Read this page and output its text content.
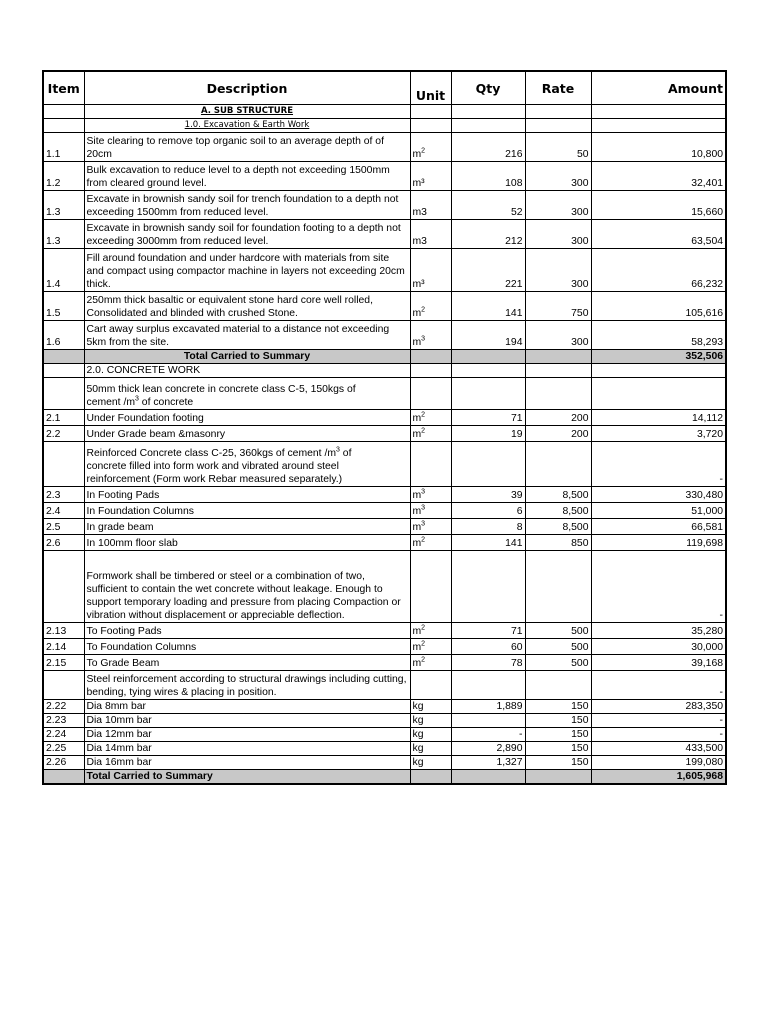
Item	Description	Unit	Qty	Rate	Amount
	A. SUB STRUCTURE				
	1.0. Excavation & Earth Work				
1.1	Site clearing to remove top organic soil to an average depth of of 20cm	$m^2$	216	50	10,800
1.2	Bulk excavation to reduce level to a depth not exceeding 1500mm from cleared ground level.	m³	108	300	32,401
1.3	Excavate in brownish sandy soil for trench foundation to a depth not exceeding 1500mm from reduced level.	m3	52	300	15,660
1.3	Excavate in brownish sandy soil for foundation footing to a depth not exceeding 3000mm from reduced level.	m3	212	300	63,504
1.4	Fill around foundation and under hardcore with materials from site and compact using compactor machine in layers not exceeding 20cm thick.	m³	221	300	66,232
1.5	250mm thick basaltic or equivalent stone hard core well rolled, Consolidated and blinded with crushed Stone.	$m^2$	141	750	105,616
1.6	Cart away surplus excavated material to a distance not exceeding 5km from the site.	$m^3$	194	300	58,293
	Total Carried to Summary				352,506
	2.0. CONCRETE WORK				
	50mm thick lean concrete in concrete class C-5, 150kgs of
cement $/m^3$ of concrete				
2.1	Under Foundation footing	$m^2$	71	200	14,112
2.2	Under Grade beam &masonry	$m^2$	19	200	3,720
	Reinforced Concrete class C-25, 360kgs of cement $/m^3$ of
concrete filled into form work and vibrated around steel
reinforcement (Form work Rebar measured separately.)				-
2.3	In Footing Pads	$m^3$	39	8,500	330,480
2.4	In Foundation Columns	$m^3$	6	8,500	51,000
2.5	In grade beam	$m^3$	8	8,500	66,581
2.6	In 100mm floor slab	$m^2$	141	850	119,698
	Formwork shall be timbered or steel or a combination of two, sufficient to contain the wet concrete without leakage. Enough to support temporary loading and pressure from placing Compaction or vibration without displacement or appreciable deflection.				-
2.13	To Footing Pads	$m^2$	71	500	35,280
2.14	To Foundation Columns	$m^2$	60	500	30,000
2.15	To Grade Beam	$m^2$	78	500	39,168
	Steel reinforcement according to structural drawings including cutting, bending, tying wires & placing in position.				-
2.22	Dia 8mm bar	kg	1,889	150	283,350
2.23	Dia 10mm bar	kg		150	-
2.24	Dia 12mm bar	kg	-	150	-
2.25	Dia 14mm bar	kg	2,890	150	433,500
2.26	Dia 16mm bar	kg	1,327	150	199,080
	Total Carried to Summary				1,605,968
